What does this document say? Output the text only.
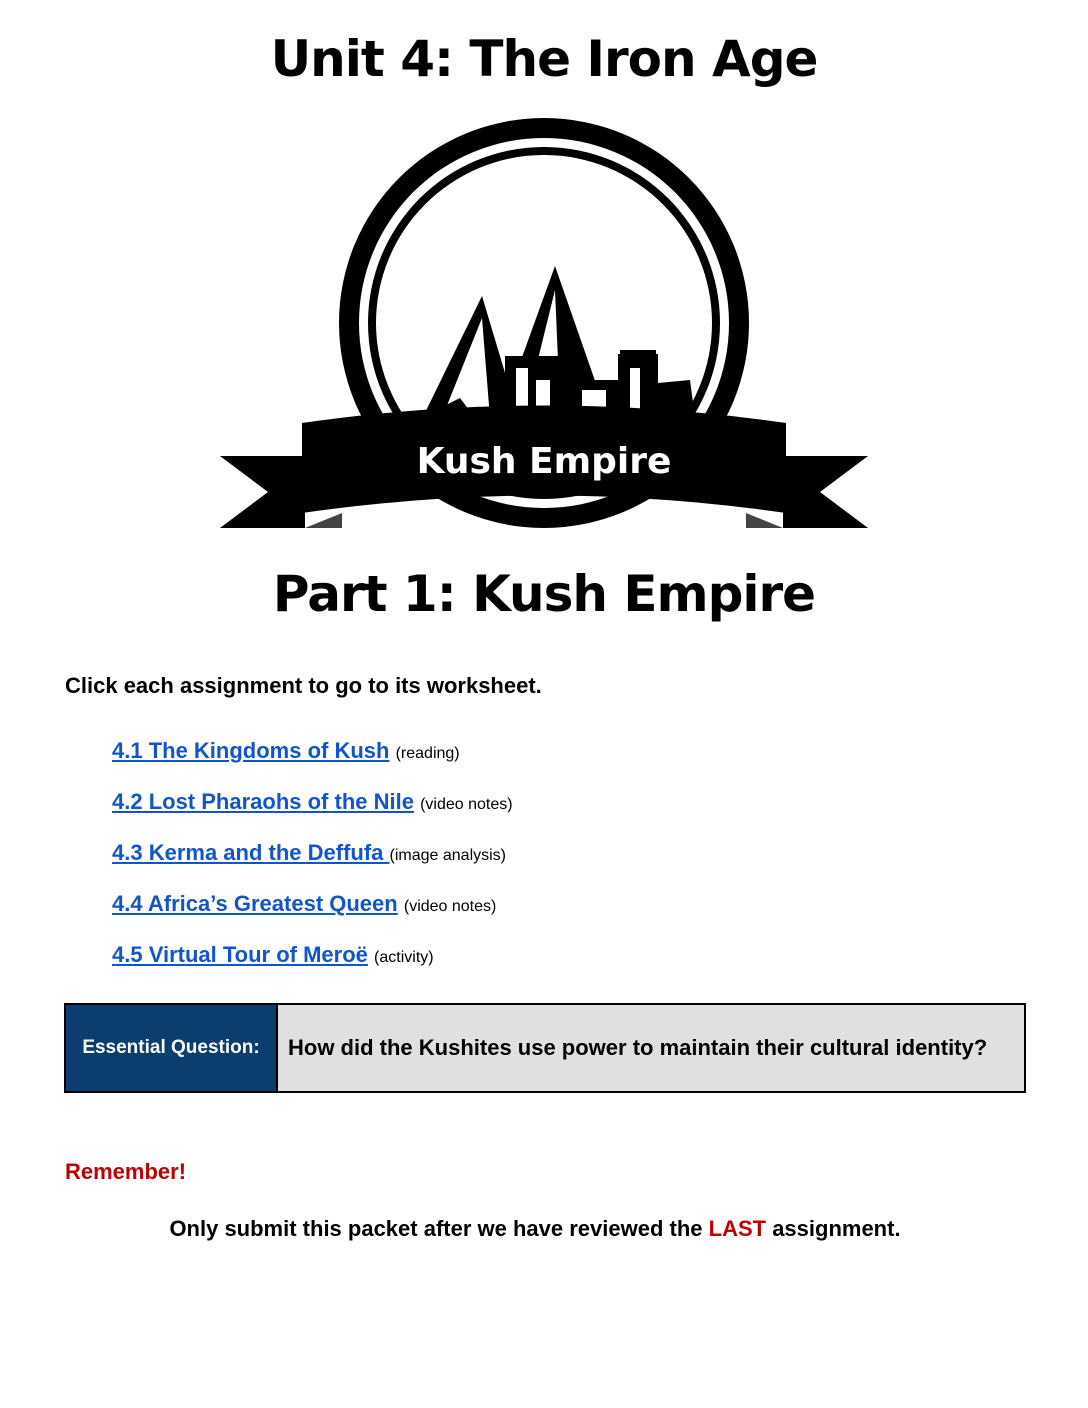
Unit 4: The Iron Age
Kush Empire
Part 1: Kush Empire
Click each assignment to go to its worksheet.
4.1 The Kingdoms of Kush (reading)
4.2 Lost Pharaohs of the Nile (video notes)
4.3 Kerma and the Deffufa (image analysis)
4.4 Africa’s Greatest Queen (video notes)
4.5 Virtual Tour of Meroë (activity)
Essential Question:	How did the Kushites use power to maintain their cultural identity?
Remember!
Only submit this packet after we have reviewed the LAST assignment.
